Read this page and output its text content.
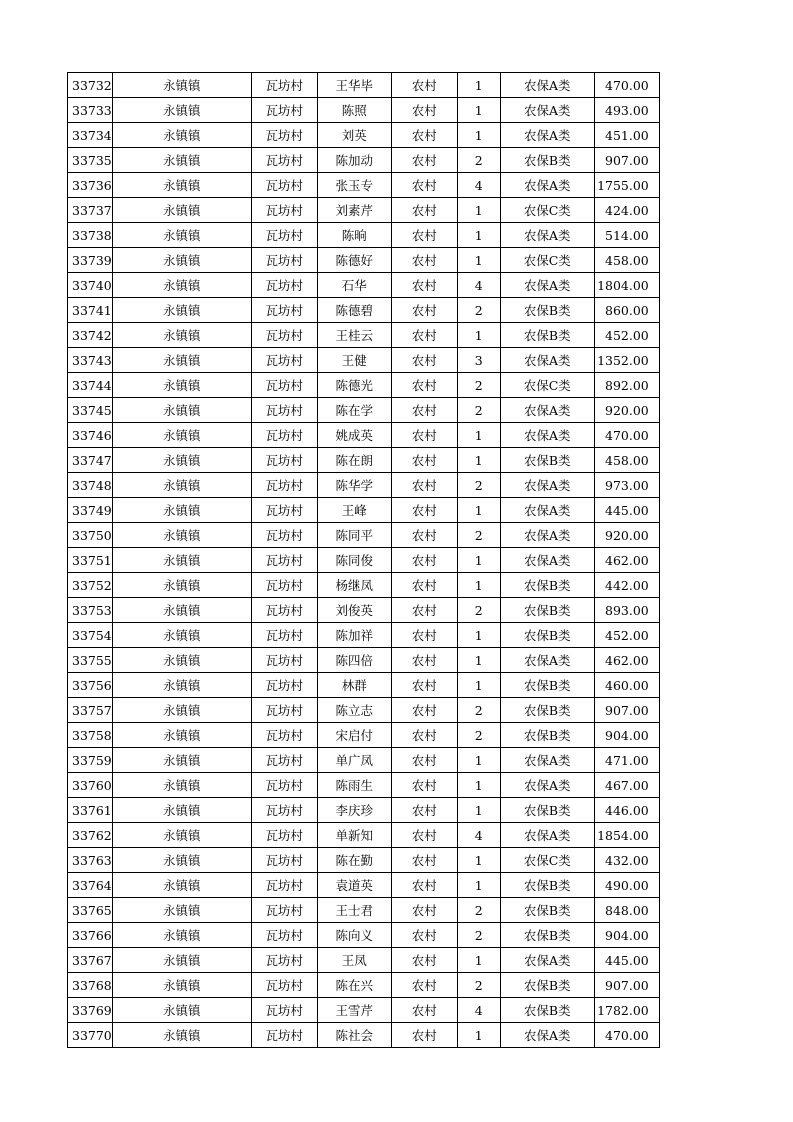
33732	永镇镇	瓦坊村	王华毕	农村	1	农保A类	470.00
33733	永镇镇	瓦坊村	陈照	农村	1	农保A类	493.00
33734	永镇镇	瓦坊村	刘英	农村	1	农保A类	451.00
33735	永镇镇	瓦坊村	陈加动	农村	2	农保B类	907.00
33736	永镇镇	瓦坊村	张玉专	农村	4	农保A类	1755.00
33737	永镇镇	瓦坊村	刘素芹	农村	1	农保C类	424.00
33738	永镇镇	瓦坊村	陈晌	农村	1	农保A类	514.00
33739	永镇镇	瓦坊村	陈德好	农村	1	农保C类	458.00
33740	永镇镇	瓦坊村	石华	农村	4	农保A类	1804.00
33741	永镇镇	瓦坊村	陈德碧	农村	2	农保B类	860.00
33742	永镇镇	瓦坊村	王桂云	农村	1	农保B类	452.00
33743	永镇镇	瓦坊村	王健	农村	3	农保A类	1352.00
33744	永镇镇	瓦坊村	陈德光	农村	2	农保C类	892.00
33745	永镇镇	瓦坊村	陈在学	农村	2	农保A类	920.00
33746	永镇镇	瓦坊村	姚成英	农村	1	农保A类	470.00
33747	永镇镇	瓦坊村	陈在朗	农村	1	农保B类	458.00
33748	永镇镇	瓦坊村	陈华学	农村	2	农保A类	973.00
33749	永镇镇	瓦坊村	王峰	农村	1	农保A类	445.00
33750	永镇镇	瓦坊村	陈同平	农村	2	农保A类	920.00
33751	永镇镇	瓦坊村	陈同俊	农村	1	农保A类	462.00
33752	永镇镇	瓦坊村	杨继凤	农村	1	农保B类	442.00
33753	永镇镇	瓦坊村	刘俊英	农村	2	农保B类	893.00
33754	永镇镇	瓦坊村	陈加祥	农村	1	农保B类	452.00
33755	永镇镇	瓦坊村	陈四倍	农村	1	农保A类	462.00
33756	永镇镇	瓦坊村	林群	农村	1	农保B类	460.00
33757	永镇镇	瓦坊村	陈立志	农村	2	农保B类	907.00
33758	永镇镇	瓦坊村	宋启付	农村	2	农保B类	904.00
33759	永镇镇	瓦坊村	单广凤	农村	1	农保A类	471.00
33760	永镇镇	瓦坊村	陈雨生	农村	1	农保A类	467.00
33761	永镇镇	瓦坊村	李庆珍	农村	1	农保B类	446.00
33762	永镇镇	瓦坊村	单新知	农村	4	农保A类	1854.00
33763	永镇镇	瓦坊村	陈在勤	农村	1	农保C类	432.00
33764	永镇镇	瓦坊村	袁道英	农村	1	农保B类	490.00
33765	永镇镇	瓦坊村	王士君	农村	2	农保B类	848.00
33766	永镇镇	瓦坊村	陈向义	农村	2	农保B类	904.00
33767	永镇镇	瓦坊村	王凤	农村	1	农保A类	445.00
33768	永镇镇	瓦坊村	陈在兴	农村	2	农保B类	907.00
33769	永镇镇	瓦坊村	王雪芹	农村	4	农保B类	1782.00
33770	永镇镇	瓦坊村	陈社会	农村	1	农保A类	470.00
